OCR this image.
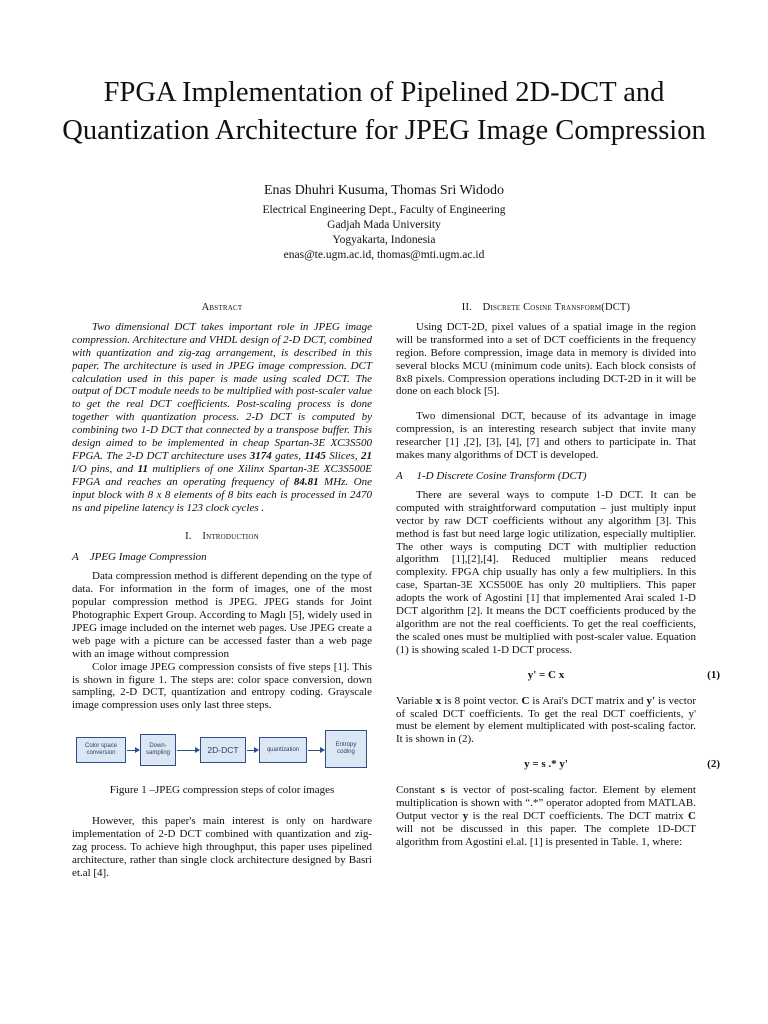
FPGA Implementation of Pipelined 2D-DCT and Quantization Architecture for JPEG Image Compression
Enas Dhuhri Kusuma, Thomas Sri Widodo
Electrical Engineering Dept., Faculty of Engineering
Gadjah Mada University
Yogyakarta, Indonesia
enas@te.ugm.ac.id, thomas@mti.ugm.ac.id
Abstract

Two dimensional DCT takes important role in JPEG image compression. Architecture and VHDL design of 2-D DCT, combined with quantization and zig-zag arrangement, is described in this paper. The architecture is used in JPEG image compression. DCT calculation used in this paper is made using scaled DCT. The output of DCT module needs to be multiplied with post-scaler value to get the real DCT coefficients. Post-scaling process is done together with quantization process. 2-D DCT is computed by combining two 1-D DCT that connected by a transpose buffer. This design aimed to be implemented in cheap Spartan-3E XC3S500 FPGA. The 2-D DCT architecture uses 3174 gates, 1145 Slices, 21 I/O pins, and 11 multipliers of one Xilinx Spartan-3E XC3S500E FPGA and reaches an operating frequency of 84.81 MHz. One input block with 8 x 8 elements of 8 bits each is processed in 2470 ns and pipeline latency is 123 clock cycles .

I. Introduction
A JPEG Image Compression

Data compression method is different depending on the type of data. For information in the form of images, one of the most popular compression method is JPEG. JPEG stands for Joint Photographic Expert Group. According to Maglı [5], widely used in JPEG image included on the internet web pages. Use JPEG create a web page with a picture can be accessed faster than a web page with an image without compression

Color image JPEG compression consists of five steps [1]. This is shown in figure 1. The steps are: color space conversion, down sampling, 2-D DCT, quantization and entropy coding. Grayscale image compression uses only last three steps.

Color space conversion
Down-sampling	2D-DCT	quantization
Entropy coding
Figure 1 –JPEG compression steps of color images

However, this paper's main interest is only on hardware implementation of 2-D DCT combined with quantization and zig-zag process. To achieve high throughput, this paper uses pipelined architecture, rather than single clock architecture designed by Basri et.al [4].

II. Discrete Cosine Transform(DCT)

Using DCT-2D, pixel values of a spatial image in the region will be transformed into a set of DCT coefficients in the frequency region. Before compression, image data in memory is divided into several blocks MCU (minimum code units). Each block consists of 8x8 pixels. Compression operations including DCT-2D in it will be done on each block [5].

Two dimensional DCT, because of its advantage in image compression, is an interesting research subject that invite many researcher [1] ,[2], [3], [4], [7] and others to participate in. That makes many algorithms of DCT is developed.

A  1-D Discrete Cosine Transform (DCT)

There are several ways to compute 1-D DCT. It can be computed with straightforward computation – just multiply input vector by raw DCT coefficients without any algorithm [3]. This method is fast but need large logic utilization, especially multiplier. The other ways is computing DCT with multiplier reduction algorithm [1],[2],[4]. Reduced multiplier means reduced complexity. FPGA chip usually has only a few multipliers. In this case, Spartan-3E XCS500E has only 20 multipliers. This paper adopts the work of Agostini [1] that implemented Arai scaled 1-D DCT algorithm [2]. It means the DCT coefficients produced by the algorithm are not the real coefficients. To get the real coefficients, the scaled ones must be multiplied with post-scaler value. Equation (1) is showing scaled 1-D DCT process.

y' = C x	(1)

Variable x is 8 point vector. C is Arai's DCT matrix and y' is vector of scaled DCT coefficients. To get the real DCT coefficients, y' must be element by element multiplicated with post-scaling factor. It is shown in (2).

y = s .* y'	(2)

Constant s is vector of post-scaling factor. Element by element multiplication is shown with “.*” operator adopted from MATLAB. Output vector y is the real DCT coefficients. The DCT matrix C will not be discussed in this paper. The complete 1D-DCT algorithm from Agostini el.al. [1] is presented in Table. 1, where:
